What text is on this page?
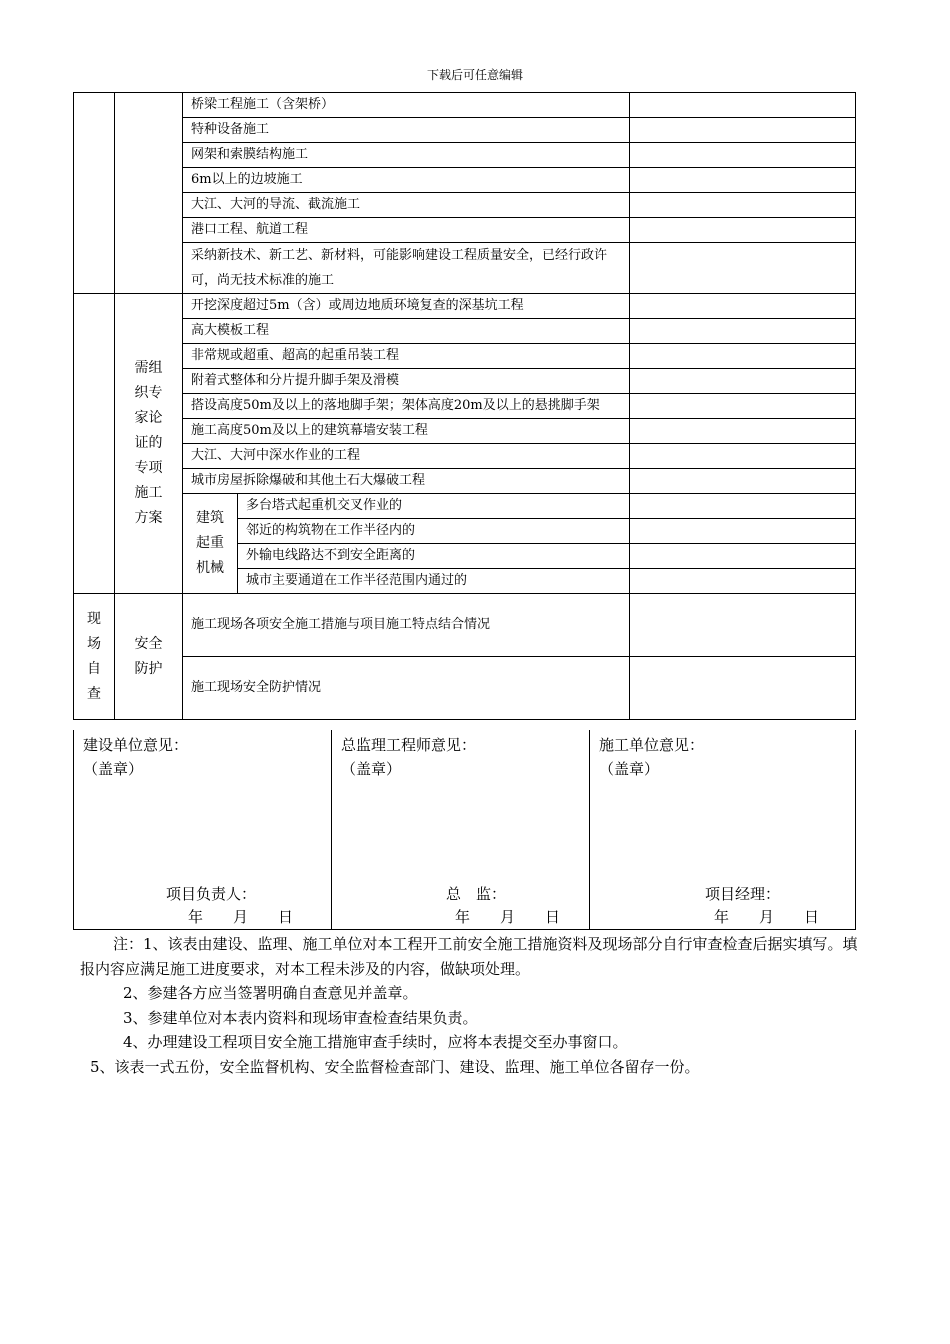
下载后可任意编辑
		桥梁工程施工（含架桥）		
		特种设备施工		
		网架和索膜结构施工		
		6m以上的边坡施工		
		大江、大河的导流、截流施工		
		港口工程、航道工程		
		采纳新技术、新工艺、新材料，可能影响建设工程质量安全，已经行政许可，尚无技术标准的施工		

	需组织专家论证的专项施工方案	开挖深度超过5m（含）或周边地质环境复查的深基坑工程		
		高大模板工程		
		非常规或超重、超高的起重吊装工程		
		附着式整体和分片提升脚手架及滑模		
		搭设高度50m及以上的落地脚手架；架体高度20m及以上的悬挑脚手架		
		施工高度50m及以上的建筑幕墙安装工程		
		大江、大河中深水作业的工程		
		城市房屋拆除爆破和其他土石大爆破工程		
		建筑起重机械	多台塔式起重机交叉作业的	
			邻近的构筑物在工作半径内的	
			外输电线路达不到安全距离的	
			城市主要通道在工作半径范围内通过的	
现场自查	安全防护	施工现场各项安全施工措施与项目施工特点结合情况		
		施工现场安全防护情况		
建设单位意见：
（盖章）
项目负责人：
年　　月　　日

总监理工程师意见：
（盖章）
总　监：
年　　月　　日

施工单位意见：
（盖章）
项目经理：
年　　月　　日

注：1、该表由建设、监理、施工单位对本工程开工前安全施工措施资料及现场部分自行审查检查后据实填写。填报内容应满足施工进度要求，对本工程未涉及的内容，做缺项处理。

2、参建各方应当签署明确自查意见并盖章。

3、参建单位对本表内资料和现场审查检查结果负责。

4、办理建设工程项目安全施工措施审查手续时，应将本表提交至办事窗口。

5、该表一式五份，安全监督机构、安全监督检查部门、建设、监理、施工单位各留存一份。
